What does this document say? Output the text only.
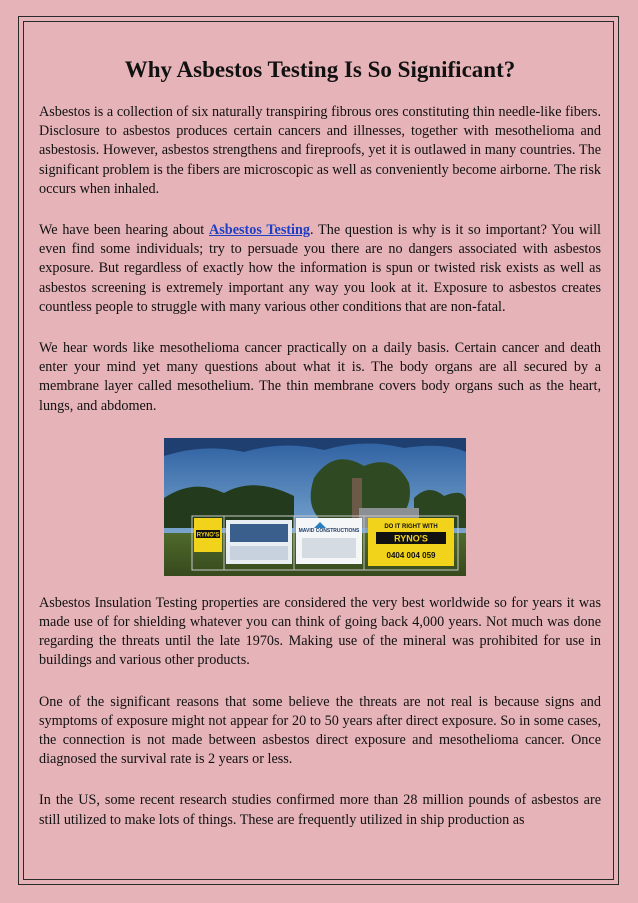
Why Asbestos Testing Is So Significant?

Asbestos is a collection of six naturally transpiring fibrous ores constituting thin needle-like fibers. Disclosure to asbestos produces certain cancers and illnesses, together with mesothelioma and asbestosis. However, asbestos strengthens and fireproofs, yet it is outlawed in many countries. The significant problem is the fibers are microscopic as well as conveniently become airborne. The risk occurs when inhaled.

We have been hearing about Asbestos Testing. The question is why is it so important? You will even find some individuals; try to persuade you there are no dangers associated with asbestos exposure. But regardless of exactly how the information is spun or twisted risk exists as well as asbestos screening is extremely important any way you look at it. Exposure to asbestos creates countless people to struggle with many various other conditions that are non-fatal.

We hear words like mesothelioma cancer practically on a daily basis. Certain cancer and death enter your mind yet many questions about what it is. The body organs are all secured by a membrane layer called mesothelium. The thin membrane covers body organs such as the heart, lungs, and abdomen.

RYNO'S
MAVID CONSTRUCTIONS
DO IT RIGHT WITH
RYNO'S
0404 004 059

Asbestos Insulation Testing properties are considered the very best worldwide so for years it was made use of for shielding whatever you can think of going back 4,000 years. Not much was done regarding the threats until the late 1970s. Making use of the mineral was prohibited for use in buildings and various other products.

One of the significant reasons that some believe the threats are not real is because signs and symptoms of exposure might not appear for 20 to 50 years after direct exposure. So in some cases, the connection is not made between asbestos direct exposure and mesothelioma cancer. Once diagnosed the survival rate is 2 years or less.

In the US, some recent research studies confirmed more than 28 million pounds of asbestos are still utilized to make lots of things. These are frequently utilized in ship production as
